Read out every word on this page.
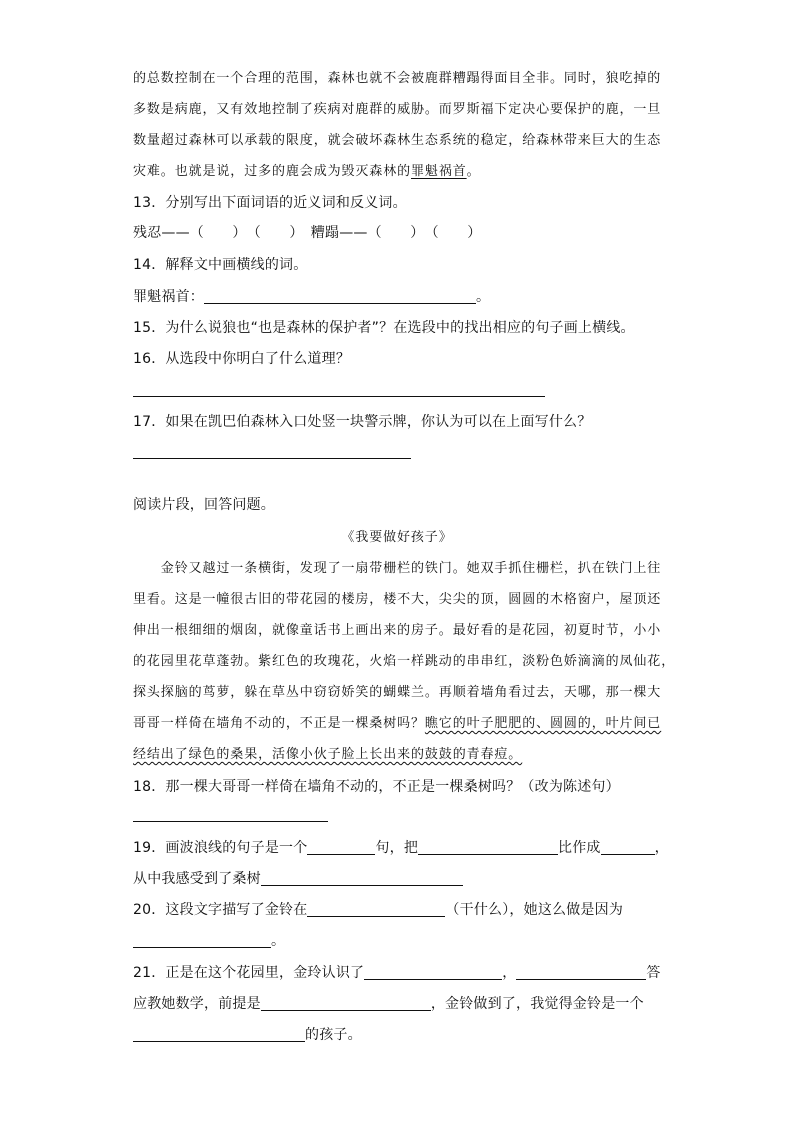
的总数控制在一个合理的范围，森林也就不会被鹿群糟蹋得面目全非。同时，狼吃掉的
多数是病鹿，又有效地控制了疾病对鹿群的威胁。而罗斯福下定决心要保护的鹿，一旦
数量超过森林可以承载的限度，就会破坏森林生态系统的稳定，给森林带来巨大的生态
灾难。也就是说，过多的鹿会成为毁灭森林的罪魁祸首。
13．分别写出下面词语的近义词和反义词。
残忍——（　　）　（　　）　糟蹋——（　　）　（　　）
14．解释文中画横线的词。
罪魁祸首：	。
15．为什么说狼也“也是森林的保护者”？在选段中的找出相应的句子画上横线。
16．从选段中你明白了什么道理？
17．如果在凯巴伯森林入口处竖一块警示牌，你认为可以在上面写什么？
阅读片段，回答问题。
《我要做好孩子》
　　金铃又越过一条横街，发现了一扇带栅栏的铁门。她双手抓住栅栏，扒在铁门上往
里看。这是一幢很古旧的带花园的楼房，楼不大，尖尖的顶，圆圆的木格窗户，屋顶还
伸出一根细细的烟囱，就像童话书上画出来的房子。最好看的是花园，初夏时节，小小
的花园里花草蓬勃。紫红色的玫瑰花，火焰一样跳动的串串红，淡粉色娇滴滴的凤仙花，
探头探脑的茑萝，躲在草丛中窃窃娇笑的蝴蝶兰。再顺着墙角看过去，天哪，那一棵大
哥哥一样倚在墙角不动的，不正是一棵桑树吗？瞧它的叶子肥肥的、圆圆的，叶片间已
经结出了绿色的桑果，活像小伙子脸上长出来的鼓鼓的青春痘。
18．那一棵大哥哥一样倚在墙角不动的，不正是一棵桑树吗？（改为陈述句）
19．画波浪线的句子是一个	句，把	比作成	，
从中我感受到了桑树
20．这段文字描写了金铃在	（干什么），她这么做是因为
。
21．正是在这个花园里，金玲认识了	，	答
应教她数学，前提是	，金铃做到了，我觉得金铃是一个
的孩子。
